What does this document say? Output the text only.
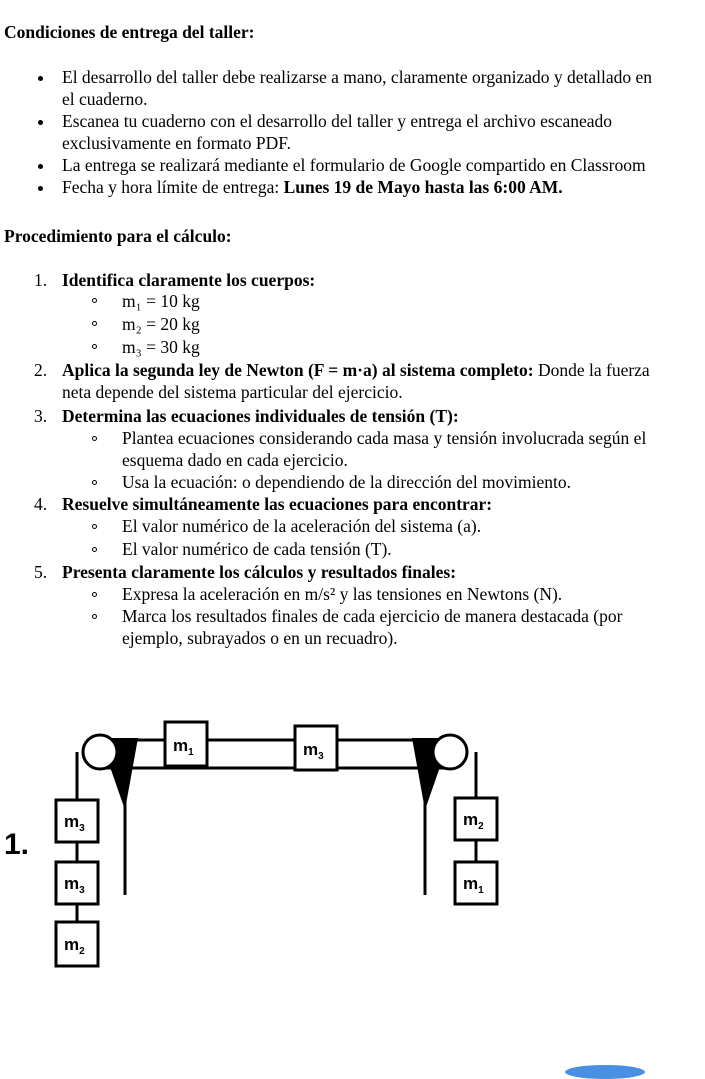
Condiciones de entrega del taller:
El desarrollo del taller debe realizarse a mano, claramente organizado y detallado en
el cuaderno.
Escanea tu cuaderno con el desarrollo del taller y entrega el archivo escaneado
exclusivamente en formato PDF.
La entrega se realizará mediante el formulario de Google compartido en Classroom
Fecha y hora límite de entrega: Lunes 19 de Mayo hasta las 6:00 AM.
Procedimiento para el cálculo:
1. Identifica claramente los cuerpos:
m₁ = 10 kg
m₂ = 20 kg
m₃ = 30 kg
2. Aplica la segunda ley de Newton (F = m·a) al sistema completo: Donde la fuerza
neta depende del sistema particular del ejercicio.
3. Determina las ecuaciones individuales de tensión (T):
Plantea ecuaciones considerando cada masa y tensión involucrada según el
esquema dado en cada ejercicio.
Usa la ecuación: o dependiendo de la dirección del movimiento.
4. Resuelve simultáneamente las ecuaciones para encontrar:
El valor numérico de la aceleración del sistema (a).
El valor numérico de cada tensión (T).
5. Presenta claramente los cálculos y resultados finales:
Expresa la aceleración en m/s² y las tensiones en Newtons (N).
Marca los resultados finales de cada ejercicio de manera destacada (por
ejemplo, subrayados o en un recuadro).
1.
$m_1$	$m_3$
$m_3$
$m_3$
$m_2$
$m_2$
$m_1$
